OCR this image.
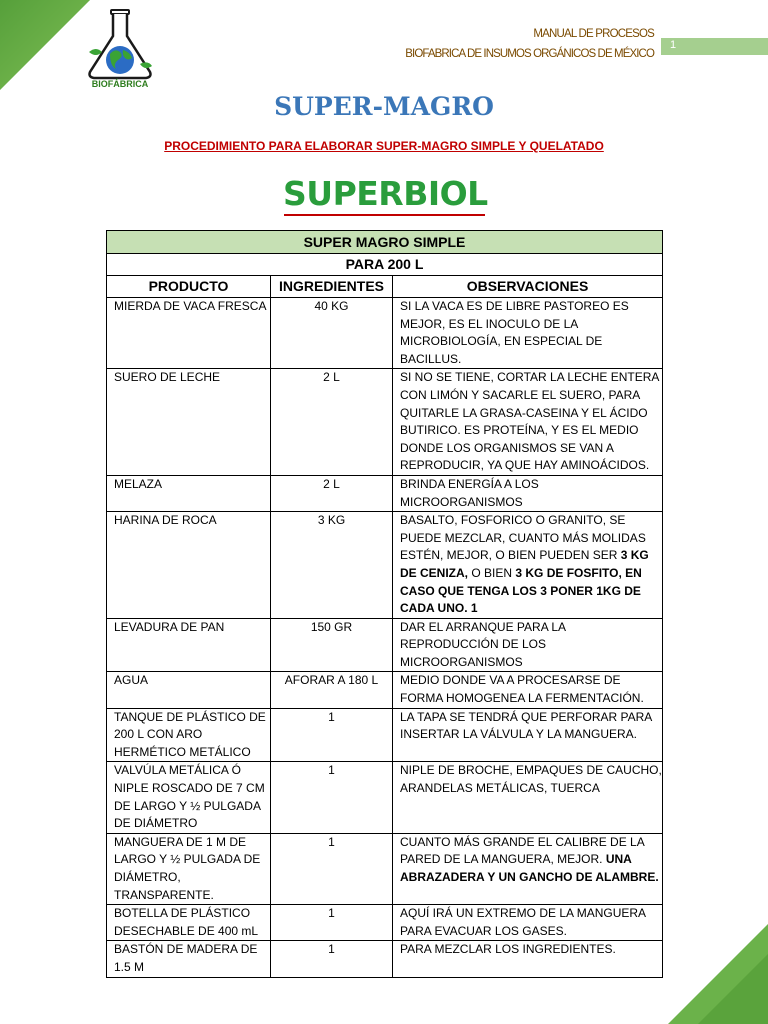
BIOFÁBRICA
MANUAL DE PROCESOS
BIOFABRICA DE INSUMOS ORGÁNICOS DE MÉXICO
1
SUPER-MAGRO
PROCEDIMIENTO PARA ELABORAR SUPER-MAGRO SIMPLE Y QUELATADO
SUPERBIOL
SUPER MAGRO SIMPLE		
PARA 200 L		
PRODUCTO	INGREDIENTES	OBSERVACIONES
MIERDA DE VACA FRESCA	40 KG	SI LA VACA ES DE LIBRE PASTOREO ES MEJOR, ES EL INOCULO DE LA MICROBIOLOGÍA, EN ESPECIAL DE BACILLUS.
SUERO DE LECHE	2 L	SI NO SE TIENE, CORTAR LA LECHE ENTERA CON LIMÓN Y SACARLE EL SUERO, PARA QUITARLE LA GRASA-CASEINA Y EL ÁCIDO BUTIRICO. ES PROTEÍNA, Y ES EL MEDIO DONDE LOS ORGANISMOS SE VAN A REPRODUCIR, YA QUE HAY AMINOÁCIDOS.
MELAZA	2 L	BRINDA ENERGÍA A LOS MICROORGANISMOS
HARINA DE ROCA	3 KG	BASALTO, FOSFORICO O GRANITO, SE PUEDE MEZCLAR, CUANTO MÁS MOLIDAS ESTÉN, MEJOR, O BIEN PUEDEN SER 3 KG DE CENIZA, O BIEN 3 KG DE FOSFITO, EN CASO QUE TENGA LOS 3 PONER 1KG DE CADA UNO. 1
LEVADURA DE PAN	150 GR	DAR EL ARRANQUE PARA LA REPRODUCCIÓN DE LOS MICROORGANISMOS
AGUA	AFORAR A 180 L	MEDIO DONDE VA A PROCESARSE DE FORMA HOMOGENEA LA FERMENTACIÓN.
TANQUE DE PLÁSTICO DE 200 L CON ARO HERMÉTICO METÁLICO	1	LA TAPA SE TENDRÁ QUE PERFORAR PARA INSERTAR LA VÁLVULA Y LA MANGUERA.
VALVÚLA METÁLICA Ó NIPLE ROSCADO DE 7 CM DE LARGO Y ½ PULGADA DE DIÁMETRO	1	NIPLE DE BROCHE, EMPAQUES DE CAUCHO, ARANDELAS METÁLICAS, TUERCA
MANGUERA DE 1 M DE LARGO Y ½ PULGADA DE DIÁMETRO, TRANSPARENTE.	1	CUANTO MÁS GRANDE EL CALIBRE DE LA PARED DE LA MANGUERA, MEJOR. UNA ABRAZADERA Y UN GANCHO DE ALAMBRE.
BOTELLA DE PLÁSTICO DESECHABLE DE 400 mL	1	AQUÍ IRÁ UN EXTREMO DE LA MANGUERA PARA EVACUAR LOS GASES.
BASTÓN DE MADERA DE 1.5 M	1	PARA MEZCLAR LOS INGREDIENTES.
